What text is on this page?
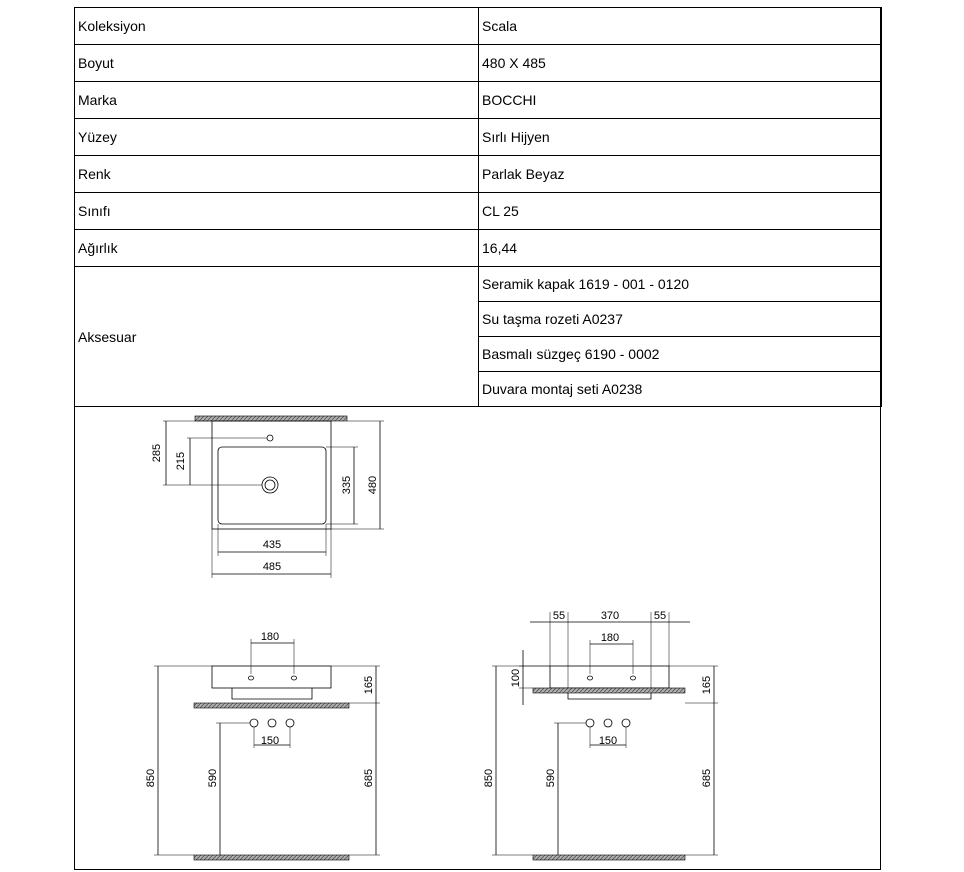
Koleksiyon	Scala
Boyut	480 X 485
Marka	BOCCHI
Yüzey	Sırlı Hijyen
Renk	Parlak Beyaz
Sınıfı	CL 25
Ağırlık	16,44
Aksesuar	Seramik kapak 1619 - 001 - 0120
	Su taşma rozeti A0237
	Basmalı süzgeç 6190 - 0002
	Duvara montaj seti A0238
285 215
335 480
435
485
180
165
150
850	590	685
55	370	55
180
100	165
150
850	590	685
